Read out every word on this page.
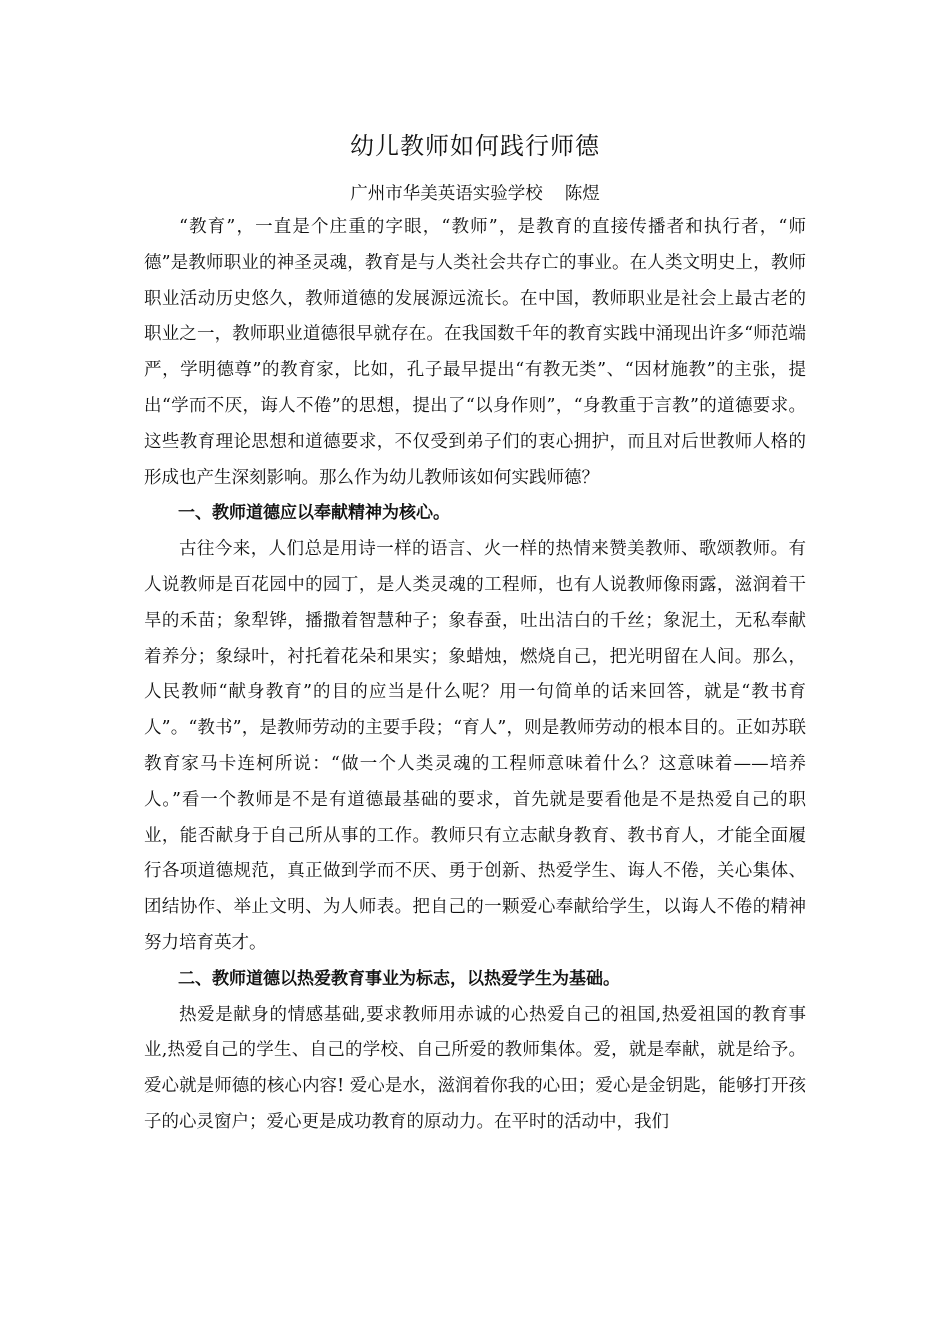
幼儿教师如何践行师德

广州市华美英语实验学校 陈煜

“教育”，一直是个庄重的字眼，“教师”，是教育的直接传播者和执行者，“师德”是教师职业的神圣灵魂，教育是与人类社会共存亡的事业。在人类文明史上，教师职业活动历史悠久，教师道德的发展源远流长。在中国，教师职业是社会上最古老的职业之一，教师职业道德很早就存在。在我国数千年的教育实践中涌现出许多“师范端严，学明德尊”的教育家，比如，孔子最早提出“有教无类”、“因材施教”的主张，提出“学而不厌，诲人不倦”的思想，提出了“以身作则”，“身教重于言教”的道德要求。这些教育理论思想和道德要求，不仅受到弟子们的衷心拥护，而且对后世教师人格的形成也产生深刻影响。那么作为幼儿教师该如何实践师德？

一、教师道德应以奉献精神为核心。

古往今来，人们总是用诗一样的语言、火一样的热情来赞美教师、歌颂教师。有人说教师是百花园中的园丁，是人类灵魂的工程师，也有人说教师像雨露，滋润着干旱的禾苗；象犁铧，播撒着智慧种子；象春蚕，吐出洁白的千丝；象泥土，无私奉献着养分；象绿叶，衬托着花朵和果实；象蜡烛，燃烧自己，把光明留在人间。那么，人民教师“献身教育”的目的应当是什么呢？用一句简单的话来回答，就是“教书育人”。“教书”，是教师劳动的主要手段；“育人”，则是教师劳动的根本目的。正如苏联教育家马卡连柯所说：“做一个人类灵魂的工程师意味着什么？这意味着——培养人。”看一个教师是不是有道德最基础的要求，首先就是要看他是不是热爱自己的职业，能否献身于自己所从事的工作。教师只有立志献身教育、教书育人，才能全面履行各项道德规范，真正做到学而不厌、勇于创新、热爱学生、诲人不倦，关心集体、团结协作、举止文明、为人师表。把自己的一颗爱心奉献给学生，以诲人不倦的精神努力培育英才。

二、教师道德以热爱教育事业为标志，以热爱学生为基础。

热爱是献身的情感基础,要求教师用赤诚的心热爱自己的祖国,热爱祖国的教育事业,热爱自己的学生、自己的学校、自己所爱的教师集体。爱，就是奉献，就是给予。爱心就是师德的核心内容! 爱心是水，滋润着你我的心田；爱心是金钥匙，能够打开孩子的心灵窗户；爱心更是成功教育的原动力。在平时的活动中，我们
